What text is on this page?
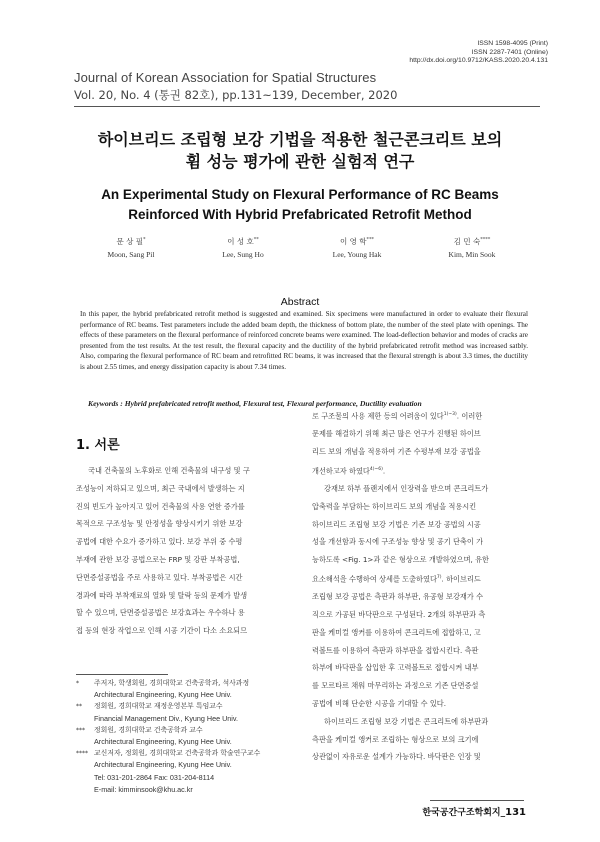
ISSN 1598-4095 (Print)
ISSN 2287-7401 (Online)
http://dx.doi.org/10.9712/KASS.2020.20.4.131
Journal of Korean Association for Spatial Structures
Vol. 20, No. 4 (통권 82호), pp.131~139, December, 2020
하이브리드 조립형 보강 기법을 적용한 철근콘크리트 보의
휨 성능 평가에 관한 실험적 연구
An Experimental Study on Flexural Performance of RC Beams
Reinforced With Hybrid Prefabricated Retrofit Method
문 상 필*
Moon, Sang Pil
이 성 호**
Lee, Sung Ho
이 영 학***
Lee, Young Hak
김 민 숙****
Kim, Min Sook
Abstract
In this paper, the hybrid prefabricated retrofit method is suggested and examined. Six specimens were manufactured in order to evaluate their flexural performance of RC beams. Test parameters include the added beam depth, the thickness of bottom plate, the number of the steel plate with openings. The effects of these parameters on the flexural performance of reinforced concrete beams were examined. The load-deflection behavior and modes of cracks are presented from the test results. At the test result, the flexural capacity and the ductility of the hybrid prefabricated retrofit method was increased satbly. Also, comparing the flexural performance of RC beam and retrofitted RC beams, it was increased that the flexural strength is about 3.3 times, the ductility is about 2.55 times, and energy dissipation capacity is about 7.34 times.
Keywords : Hybrid prefabricated retrofit method, Flexural test, Flexural performance, Ductility evaluation
1. 서론
국내 건축물의 노후화로 인해 건축물의 내구성 및 구
조성능이 저하되고 있으며, 최근 국내에서 발생하는 지
진의 빈도가 높아지고 있어 건축물의 사용 연한 증가를
목적으로 구조성능 및 안정성을 향상시키기 위한 보강
공법에 대한 수요가 증가하고 있다. 보강 부위 중 수평
부재에 관한 보강 공법으로는 FRP 및 강판 부착공법,
단면증설공법을 주로 사용하고 있다. 부착공법은 시간
경과에 따라 부착재료의 열화 및 탈락 등의 문제가 발생
할 수 있으며, 단면증설공법은 보강효과는 우수하나 용
접 등의 현장 작업으로 인해 시공 기간이 다소 소요되므
로 구조물의 사용 제한 등의 어려움이 있다$^{1)\sim 3)}$. 이러한
문제를 해결하기 위해 최근 많은 연구가 진행된 하이브
리드 보의 개념을 적용하여 기존 수평부재 보강 공법을
개선하고자 하였다$^{4)\sim 6)}$.
강재보 하부 플랜지에서 인장력을 받으며 콘크리트가
압축력을 부담하는 하이브리드 보의 개념을 적용시킨
하이브리드 조립형 보강 기법은 기존 보강 공법의 시공
성을 개선함과 동시에 구조성능 향상 및 공기 단축이 가
능하도록 <Fig. 1>과 같은 형상으로 개발하였으며, 유한
요소해석을 수행하여 상세를 도출하였다$^{7)}$. 하이브리드
조립형 보강 공법은 측판과 하부판, 유공형 보강재가 수
직으로 가공된 바닥판으로 구성된다. 2개의 하부판과 측
판을 케미컬 앵커를 이용하여 콘크리트에 접합하고, 고
력볼트를 이용하여 측판과 하부판을 접합시킨다. 측판
하부에 바닥판을 삽입한 후 고력볼트로 접합시켜 내부
를 모르타르 채워 마무리하는 과정으로 기존 단면증설
공법에 비해 단순한 시공을 기대할 수 있다.
하이브리드 조립형 보강 기법은 콘크리트에 하부판과
측판을 케미컬 앵커로 조립하는 형상으로 보의 크기에
상관없이 자유로운 설계가 가능하다. 바닥판은 인장 및
*	주저자, 학생회원, 경희대학교 건축공학과, 석사과정
Architectural Engineering, Kyung Hee Univ.
**	정회원, 경희대학교 재정운영본부 특임교수
Financial Management Div., Kyung Hee Univ.
***	정회원, 경희대학교 건축공학과 교수
Architectural Engineering, Kyung Hee Univ.
**** 교신저자, 정회원, 경희대학교 건축공학과 학술연구교수
Architectural Engineering, Kyung Hee Univ.
Tel: 031-201-2864 Fax: 031-204-8114
E-mail: kimminsook@khu.ac.kr
한국공간구조학회지_131
